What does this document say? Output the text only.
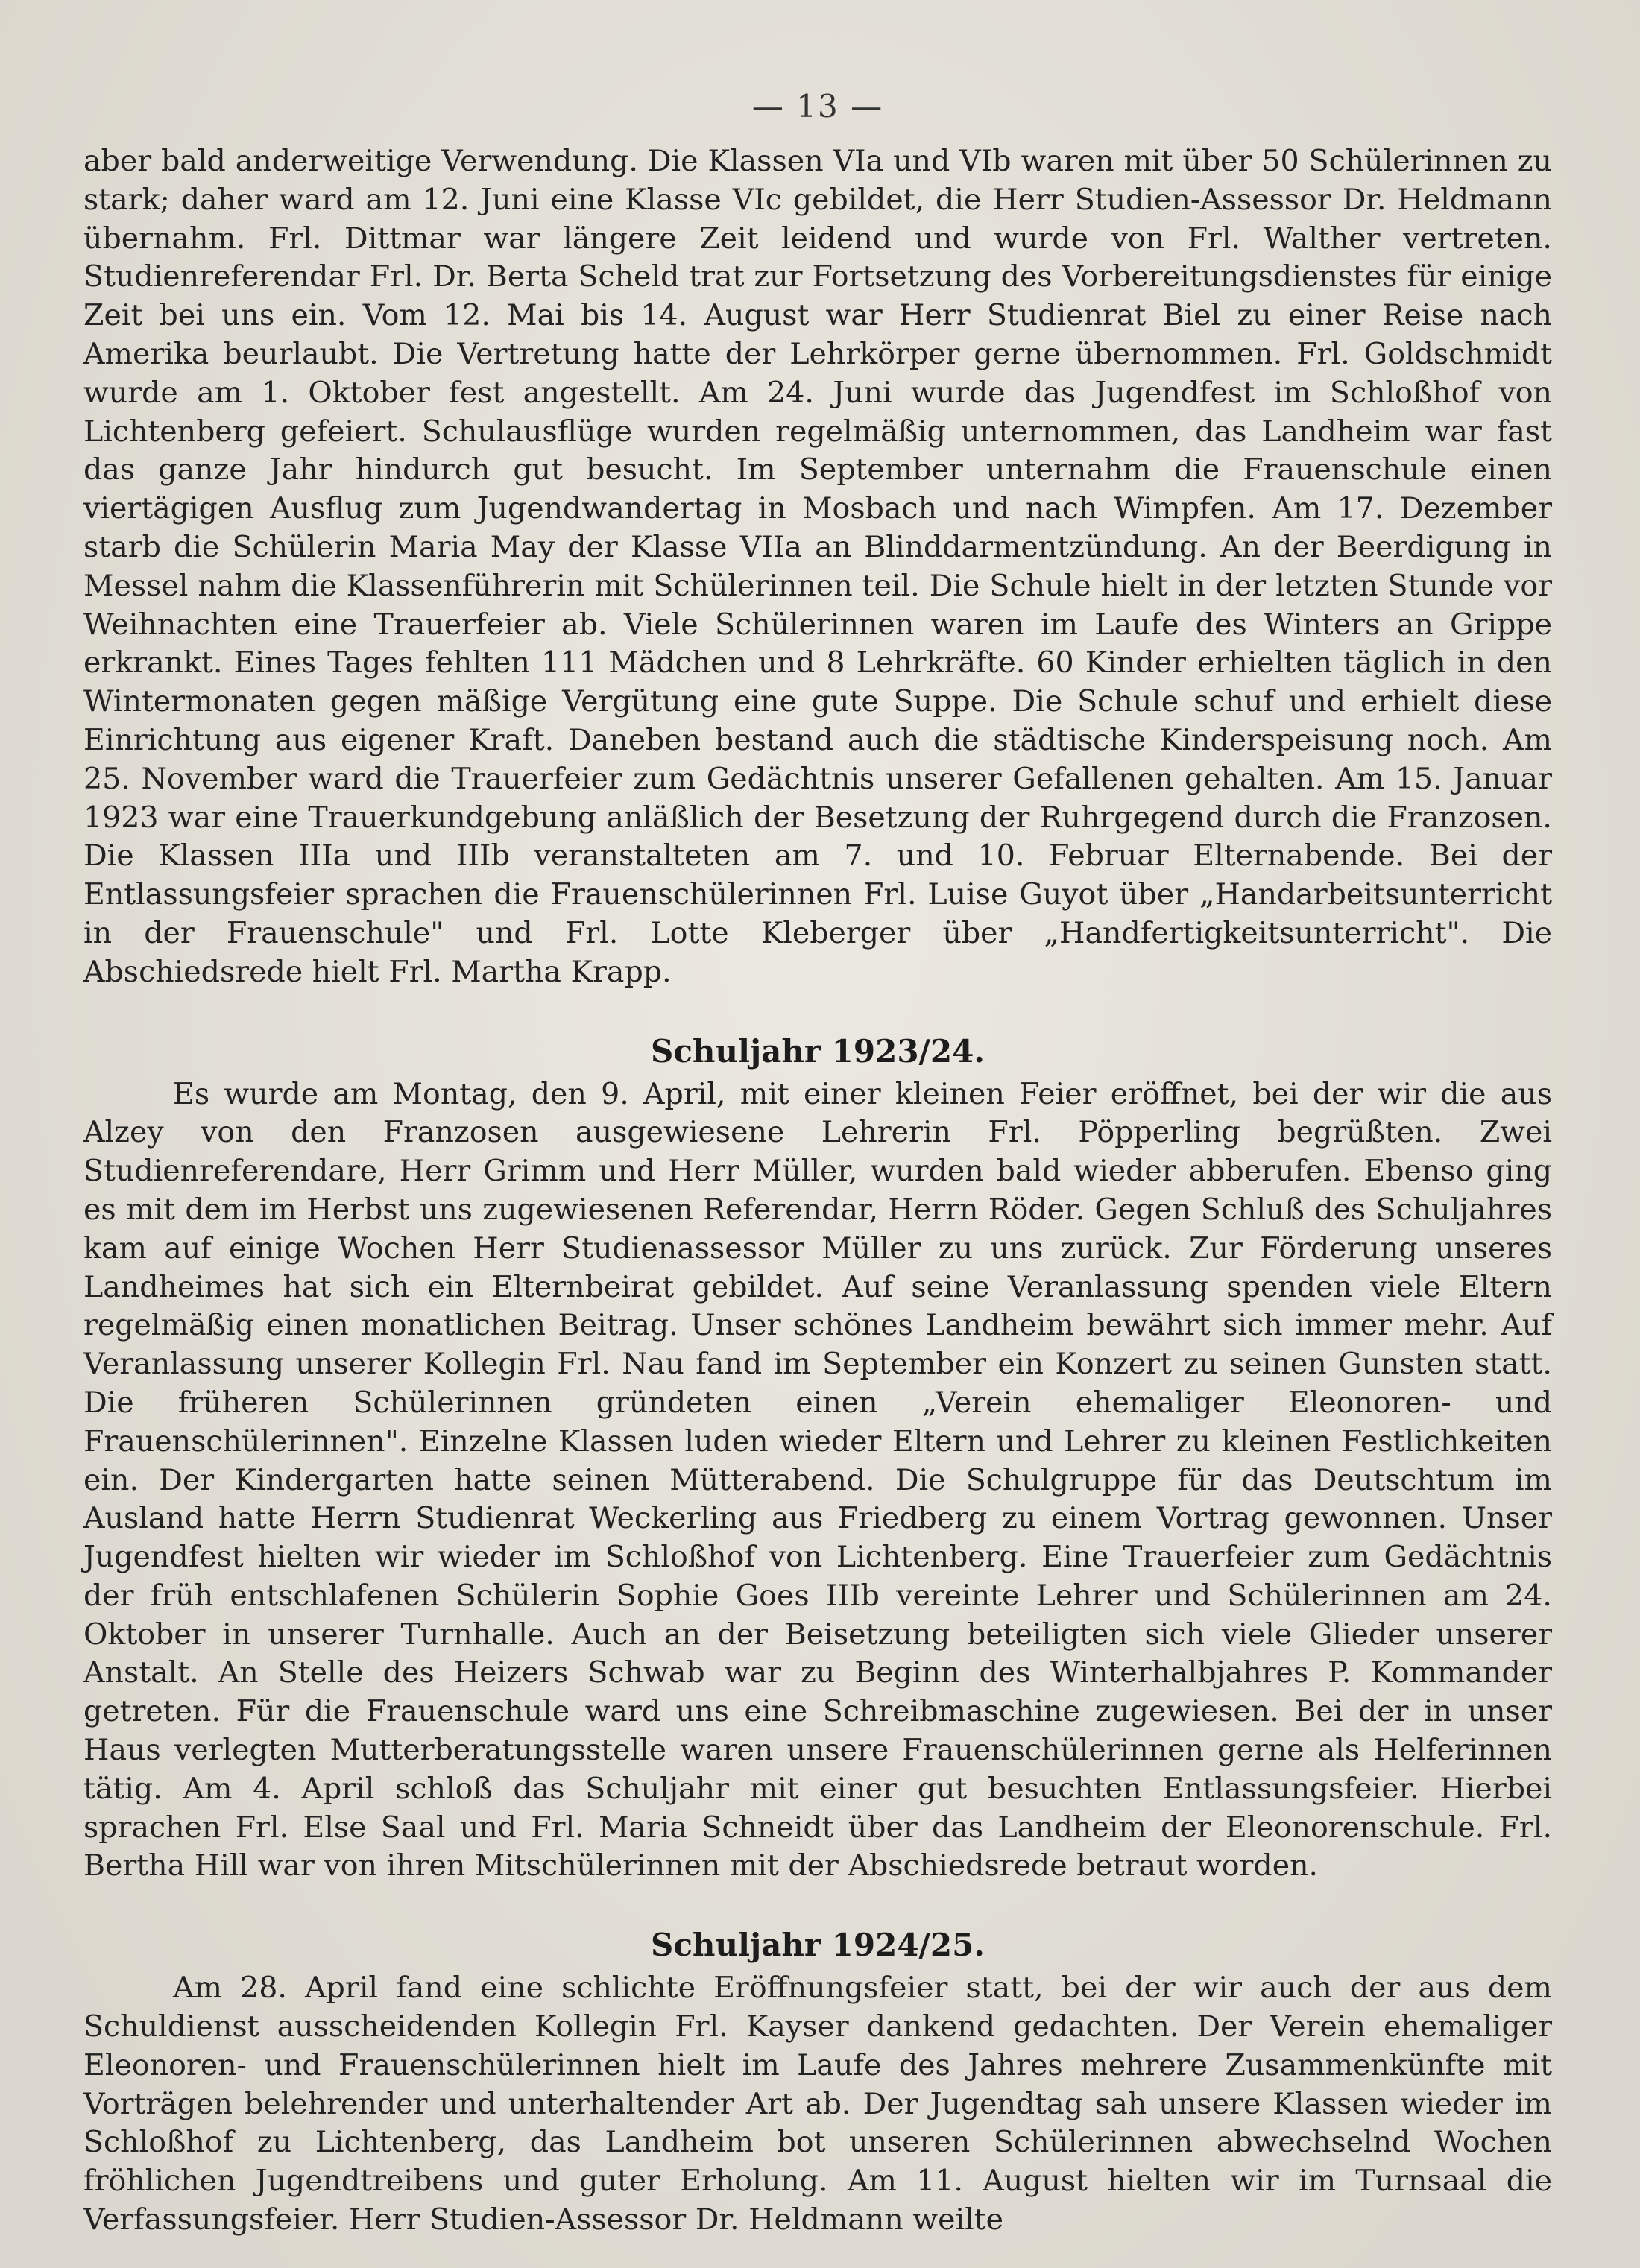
— 13 —

aber bald anderweitige Verwendung. Die Klassen VIa und VIb waren mit über 50 Schülerinnen zu stark; daher ward am 12. Juni eine Klasse VIc gebildet, die Herr Studien-Assessor Dr. Heldmann übernahm. Frl. Dittmar war längere Zeit leidend und wurde von Frl. Walther vertreten. Studienreferendar Frl. Dr. Berta Scheld trat zur Fortsetzung des Vorbereitungsdienstes für einige Zeit bei uns ein. Vom 12. Mai bis 14. August war Herr Studienrat Biel zu einer Reise nach Amerika beurlaubt. Die Vertretung hatte der Lehrkörper gerne übernommen. Frl. Goldschmidt wurde am 1. Oktober fest angestellt. Am 24. Juni wurde das Jugendfest im Schloßhof von Lichtenberg gefeiert. Schulausflüge wurden regelmäßig unternommen, das Landheim war fast das ganze Jahr hindurch gut besucht. Im September unternahm die Frauenschule einen viertägigen Ausflug zum Jugendwandertag in Mosbach und nach Wimpfen. Am 17. Dezember starb die Schülerin Maria May der Klasse VIIa an Blinddarmentzündung. An der Beerdigung in Messel nahm die Klassenführerin mit Schülerinnen teil. Die Schule hielt in der letzten Stunde vor Weihnachten eine Trauerfeier ab. Viele Schülerinnen waren im Laufe des Winters an Grippe erkrankt. Eines Tages fehlten 111 Mädchen und 8 Lehrkräfte. 60 Kinder erhielten täglich in den Wintermonaten gegen mäßige Vergütung eine gute Suppe. Die Schule schuf und erhielt diese Einrichtung aus eigener Kraft. Daneben bestand auch die städtische Kinderspeisung noch. Am 25. November ward die Trauerfeier zum Gedächtnis unserer Gefallenen gehalten. Am 15. Januar 1923 war eine Trauerkundgebung anläßlich der Besetzung der Ruhrgegend durch die Franzosen. Die Klassen IIIa und IIIb veranstalteten am 7. und 10. Februar Elternabende. Bei der Entlassungsfeier sprachen die Frauenschülerinnen Frl. Luise Guyot über „Handarbeitsunterricht in der Frauenschule" und Frl. Lotte Kleberger über „Handfertigkeitsunterricht". Die Abschiedsrede hielt Frl. Martha Krapp.

Schuljahr 1923/24.

Es wurde am Montag, den 9. April, mit einer kleinen Feier eröffnet, bei der wir die aus Alzey von den Franzosen ausgewiesene Lehrerin Frl. Pöpperling begrüßten. Zwei Studienreferendare, Herr Grimm und Herr Müller, wurden bald wieder abberufen. Ebenso ging es mit dem im Herbst uns zugewiesenen Referendar, Herrn Röder. Gegen Schluß des Schuljahres kam auf einige Wochen Herr Studienassessor Müller zu uns zurück. Zur Förderung unseres Landheimes hat sich ein Elternbeirat gebildet. Auf seine Veranlassung spenden viele Eltern regelmäßig einen monatlichen Beitrag. Unser schönes Landheim bewährt sich immer mehr. Auf Veranlassung unserer Kollegin Frl. Nau fand im September ein Konzert zu seinen Gunsten statt. Die früheren Schülerinnen gründeten einen „Verein ehemaliger Eleonoren- und Frauenschülerinnen". Einzelne Klassen luden wieder Eltern und Lehrer zu kleinen Festlichkeiten ein. Der Kindergarten hatte seinen Mütterabend. Die Schulgruppe für das Deutschtum im Ausland hatte Herrn Studienrat Weckerling aus Friedberg zu einem Vortrag gewonnen. Unser Jugendfest hielten wir wieder im Schloßhof von Lichtenberg. Eine Trauerfeier zum Gedächtnis der früh entschlafenen Schülerin Sophie Goes IIIb vereinte Lehrer und Schülerinnen am 24. Oktober in unserer Turnhalle. Auch an der Beisetzung beteiligten sich viele Glieder unserer Anstalt. An Stelle des Heizers Schwab war zu Beginn des Winterhalbjahres P. Kommander getreten. Für die Frauenschule ward uns eine Schreibmaschine zugewiesen. Bei der in unser Haus verlegten Mutterberatungsstelle waren unsere Frauenschülerinnen gerne als Helferinnen tätig. Am 4. April schloß das Schuljahr mit einer gut besuchten Entlassungsfeier. Hierbei sprachen Frl. Else Saal und Frl. Maria Schneidt über das Landheim der Eleonorenschule. Frl. Bertha Hill war von ihren Mitschülerinnen mit der Abschiedsrede betraut worden.

Schuljahr 1924/25.

Am 28. April fand eine schlichte Eröffnungsfeier statt, bei der wir auch der aus dem Schuldienst ausscheidenden Kollegin Frl. Kayser dankend gedachten. Der Verein ehemaliger Eleonoren- und Frauenschülerinnen hielt im Laufe des Jahres mehrere Zusammenkünfte mit Vorträgen belehrender und unterhaltender Art ab. Der Jugendtag sah unsere Klassen wieder im Schloßhof zu Lichtenberg, das Landheim bot unseren Schülerinnen abwechselnd Wochen fröhlichen Jugendtreibens und guter Erholung. Am 11. August hielten wir im Turnsaal die Verfassungsfeier. Herr Studien-Assessor Dr. Heldmann weilte
